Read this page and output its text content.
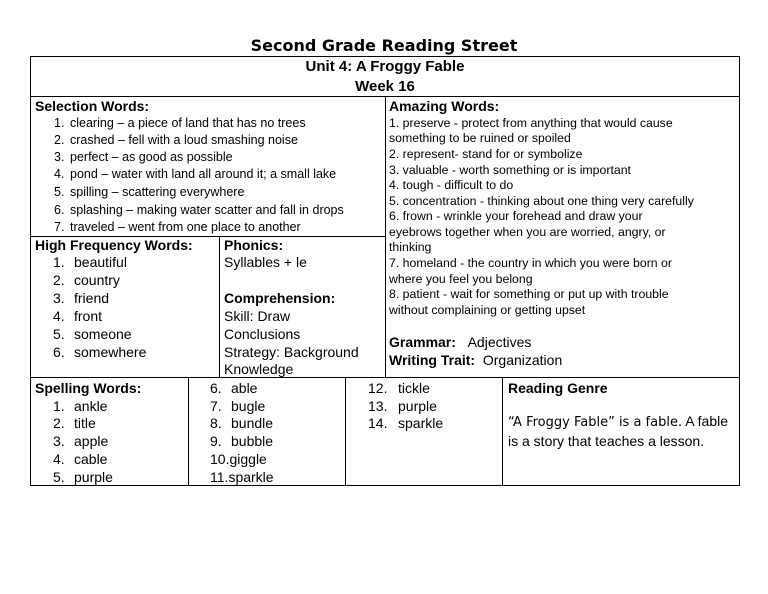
Second Grade Reading Street
Unit 4: A Froggy Fable
Week 16
Selection Words:
1. clearing – a piece of land that has no trees
2. crashed – fell with a loud smashing noise
3. perfect – as good as possible
4. pond – water with land all around it; a small lake
5. spilling – scattering everywhere
6. splashing – making water scatter and fall in drops
7. traveled – went from one place to another
Amazing Words:
1. preserve - protect from anything that would cause
something to be ruined or spoiled
2. represent- stand for or symbolize
3. valuable - worth something or is important
4. tough - difficult to do
5. concentration - thinking about one thing very carefully
6. frown - wrinkle your forehead and draw your
eyebrows together when you are worried, angry, or
thinking
7. homeland - the country in which you were born or
where you feel you belong
8. patient - wait for something or put up with trouble
without complaining or getting upset
Grammar: Adjectives
Writing Trait: Organization
High Frequency Words:
1. beautiful
2. country
3. friend
4. front
5. someone
6. somewhere
Phonics:
Syllables + le
Comprehension:
Skill: Draw
Conclusions
Strategy: Background
Knowledge
Spelling Words:
1. ankle
2. title
3. apple
4. cable
5. purple
6. able
7. bugle
8. bundle
9. bubble
10.giggle
11.sparkle
12. tickle
13. purple
14. sparkle
Reading Genre
“A Froggy Fable” is a fable. A fable is a story that teaches a lesson.
